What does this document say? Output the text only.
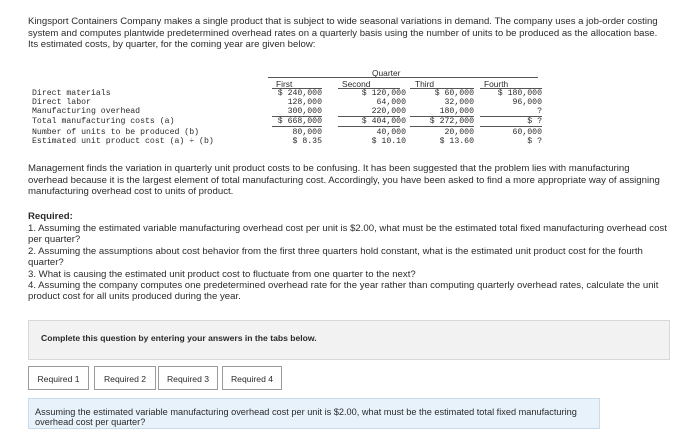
Kingsport Containers Company makes a single product that is subject to wide seasonal variations in demand. The company uses a job-order costing system and computes plantwide predetermined overhead rates on a quarterly basis using the number of units to be produced as the allocation base. Its estimated costs, by quarter, for the coming year are given below:
Quarter
First	Second	Third	Fourth
Direct materials	$ 240,000	$ 120,000	$ 60,000	$ 180,000
Direct labor	128,000	64,000	32,000	96,000
Manufacturing overhead	300,000	220,000	180,000	?
Total manufacturing costs (a)	$ 668,000	$ 404,000	$ 272,000	$ ?
Number of units to be produced (b)	80,000	40,000	20,000	60,000
Estimated unit product cost (a) ÷ (b)	$ 8.35	$ 10.10	$ 13.60	$ ?
Management finds the variation in quarterly unit product costs to be confusing. It has been suggested that the problem lies with manufacturing overhead because it is the largest element of total manufacturing cost. Accordingly, you have been asked to find a more appropriate way of assigning manufacturing overhead cost to units of product.
Required:

1. Assuming the estimated variable manufacturing overhead cost per unit is $2.00, what must be the estimated total fixed manufacturing overhead cost per quarter?

2. Assuming the assumptions about cost behavior from the first three quarters hold constant, what is the estimated unit product cost for the fourth quarter?

3. What is causing the estimated unit product cost to fluctuate from one quarter to the next?

4. Assuming the company computes one predetermined overhead rate for the year rather than computing quarterly overhead rates, calculate the unit product cost for all units produced during the year.

Complete this question by entering your answers in the tabs below.
Required 1	Required 2	Required 3	Required 4
Assuming the estimated variable manufacturing overhead cost per unit is $2.00, what must be the estimated total fixed manufacturing overhead cost per quarter?
